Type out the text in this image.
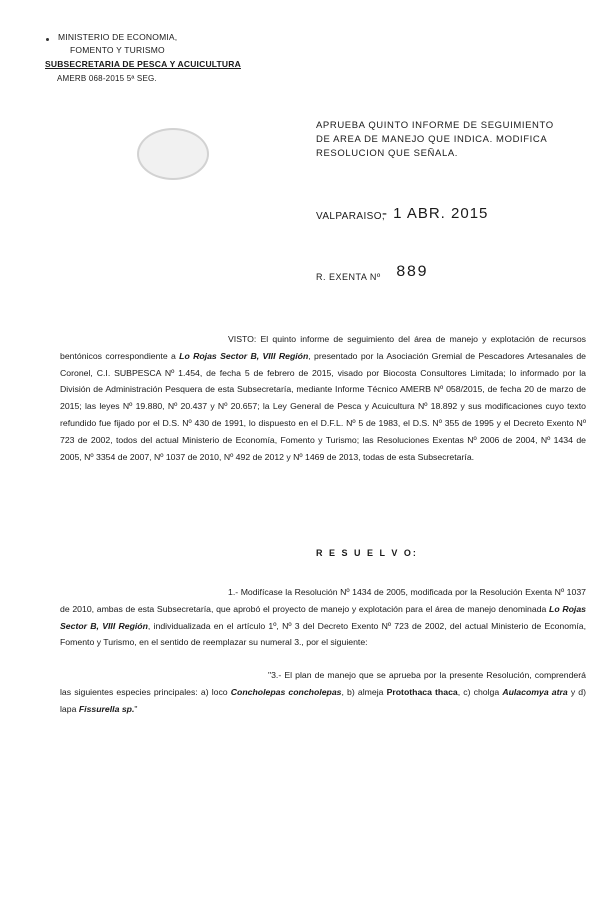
MINISTERIO DE ECONOMIA,
FOMENTO Y TURISMO
SUBSECRETARIA DE PESCA Y ACUICULTURA
AMERB 068-2015 5ª SEG.
APRUEBA QUINTO INFORME DE SEGUIMIENTO
DE AREA DE MANEJO QUE INDICA. MODIFICA
RESOLUCION QUE SEÑALA.
VALPARAISO,
- 1 ABR. 2015
R. EXENTA Nº 889
VISTO: El quinto informe de seguimiento del área de manejo y explotación de recursos bentónicos correspondiente a Lo Rojas Sector B, VIII Región, presentado por la Asociación Gremial de Pescadores Artesanales de Coronel, C.I. SUBPESCA Nº 1.454, de fecha 5 de febrero de 2015, visado por Biocosta Consultores Limitada; lo informado por la División de Administración Pesquera de esta Subsecretaría, mediante Informe Técnico AMERB Nº 058/2015, de fecha 20 de marzo de 2015; las leyes Nº 19.880, Nº 20.437 y Nº 20.657; la Ley General de Pesca y Acuicultura Nº 18.892 y sus modificaciones cuyo texto refundido fue fijado por el D.S. Nº 430 de 1991, lo dispuesto en el D.F.L. Nº 5 de 1983, el D.S. Nº 355 de 1995 y el Decreto Exento Nº 723 de 2002, todos del actual Ministerio de Economía, Fomento y Turismo; las Resoluciones Exentas Nº 2006 de 2004, Nº 1434 de 2005, Nº 3354 de 2007, Nº 1037 de 2010, Nº 492 de 2012 y Nº 1469 de 2013, todas de esta Subsecretaría.
R E S U E L V O:
1.- Modifícase la Resolución Nº 1434 de 2005, modificada por la Resolución Exenta Nº 1037 de 2010, ambas de esta Subsecretaría, que aprobó el proyecto de manejo y explotación para el área de manejo denominada Lo Rojas Sector B, VIII Región, individualizada en el artículo 1º, Nº 3 del Decreto Exento Nº 723 de 2002, del actual Ministerio de Economía, Fomento y Turismo, en el sentido de reemplazar su numeral 3., por el siguiente:
"3.- El plan de manejo que se aprueba por la presente Resolución, comprenderá las siguientes especies principales: a) loco Concholepas concholepas, b) almeja Protothaca thaca, c) cholga Aulacomya atra y d) lapa Fissurella sp."
